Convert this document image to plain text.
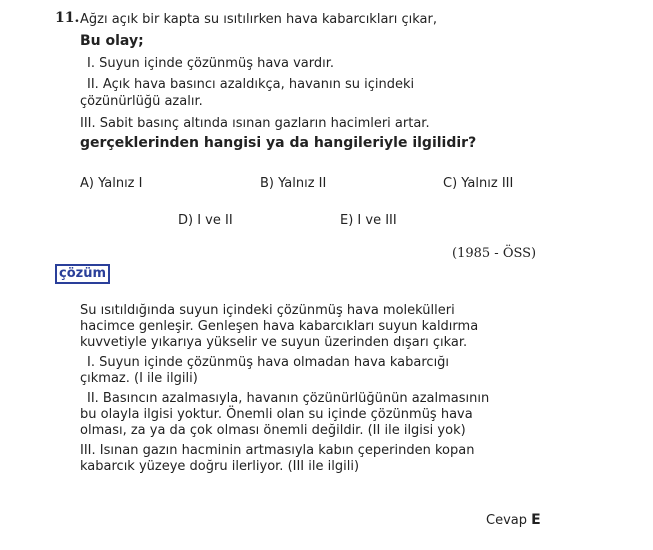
11. Ağzı açık bir kapta su ısıtılırken hava kabarcıkları çıkar,
Bu olay;
I. Suyun içinde çözünmüş hava vardır.
II. Açık hava basıncı azaldıkça, havanın su içindeki
çözünürlüğü azalır.
III. Sabit basınç altında ısınan gazların hacimleri artar.
gerçeklerinden hangisi ya da hangileriyle ilgilidir?
A) Yalnız I	B) Yalnız II	C) Yalnız III
D) I ve II	E) I ve III
(1985 - ÖSS)
çözüm
Su ısıtıldığında suyun içindeki çözünmüş hava molekülleri
hacimce genleşir. Genleşen hava kabarcıkları suyun kaldırma
kuvvetiyle yıkarıya yükselir ve suyun üzerinden dışarı çıkar.
I. Suyun içinde çözünmüş hava olmadan hava kabarcığı
çıkmaz. (I ile ilgili)
II. Basıncın azalmasıyla, havanın çözünürlüğünün azalmasının
bu olayla ilgisi yoktur. Önemli olan su içinde çözünmüş hava
olması, za ya da çok olması önemli değildir. (II ile ilgisi yok)
III. Isınan gazın hacminin artmasıyla kabın çeperinden kopan
kabarcık yüzeye doğru ilerliyor. (III ile ilgili)
Cevap E
